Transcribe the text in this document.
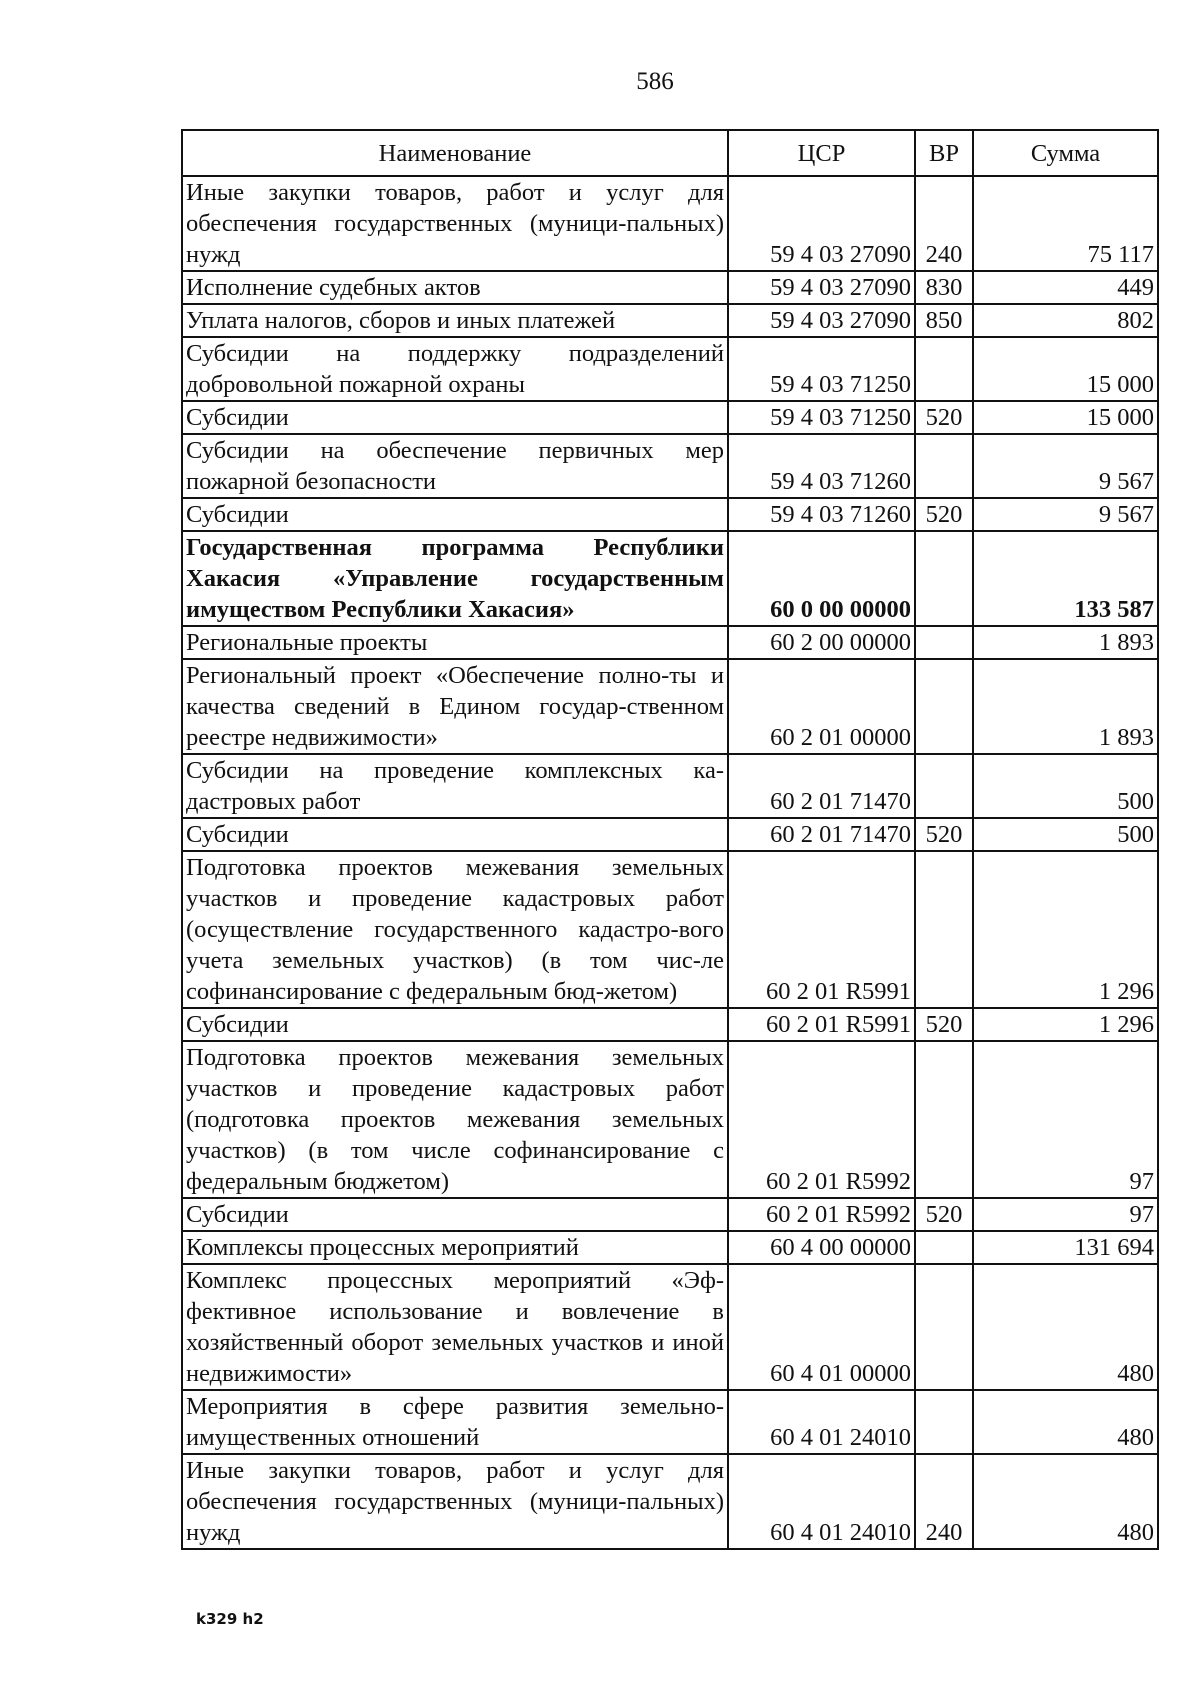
586
Наименование	ЦСР	ВР	Сумма
Иные закупки товаров, работ и услуг для обеспечения государственных (муници-пальных) нужд	59 4 03 27090	240	75 117
Исполнение судебных актов	59 4 03 27090	830	449
Уплата налогов, сборов и иных платежей	59 4 03 27090	850	802
Субсидии на поддержку подразделений добровольной пожарной охраны	59 4 03 71250		15 000
Субсидии	59 4 03 71250	520	15 000
Субсидии на обеспечение первичных мер пожарной безопасности	59 4 03 71260		9 567
Субсидии	59 4 03 71260	520	9 567
Государственная программа Республики Хакасия «Управление государственным имуществом Республики Хакасия»	60 0 00 00000		133 587
Региональные проекты	60 2 00 00000		1 893
Региональный проект «Обеспечение полно-ты и качества сведений в Едином государ-ственном реестре недвижимости»	60 2 01 00000		1 893
Субсидии на проведение комплексных ка-дастровых работ	60 2 01 71470		500
Субсидии	60 2 01 71470	520	500
Подготовка проектов межевания земельных участков и проведение кадастровых работ (осуществление государственного кадастро-вого учета земельных участков) (в том чис-ле софинансирование с федеральным бюд-жетом)	60 2 01 R5991		1 296
Субсидии	60 2 01 R5991	520	1 296
Подготовка проектов межевания земельных участков и проведение кадастровых работ (подготовка проектов межевания земельных участков) (в том числе софинансирование с федеральным бюджетом)	60 2 01 R5992		97
Субсидии	60 2 01 R5992	520	97
Комплексы процессных мероприятий	60 4 00 00000		131 694
Комплекс процессных мероприятий «Эф-фективное использование и вовлечение в хозяйственный оборот земельных участков и иной недвижимости»	60 4 01 00000		480
Мероприятия в сфере развития земельно-имущественных отношений	60 4 01 24010		480
Иные закупки товаров, работ и услуг для обеспечения государственных (муници-пальных) нужд	60 4 01 24010	240	480
k329 h2
